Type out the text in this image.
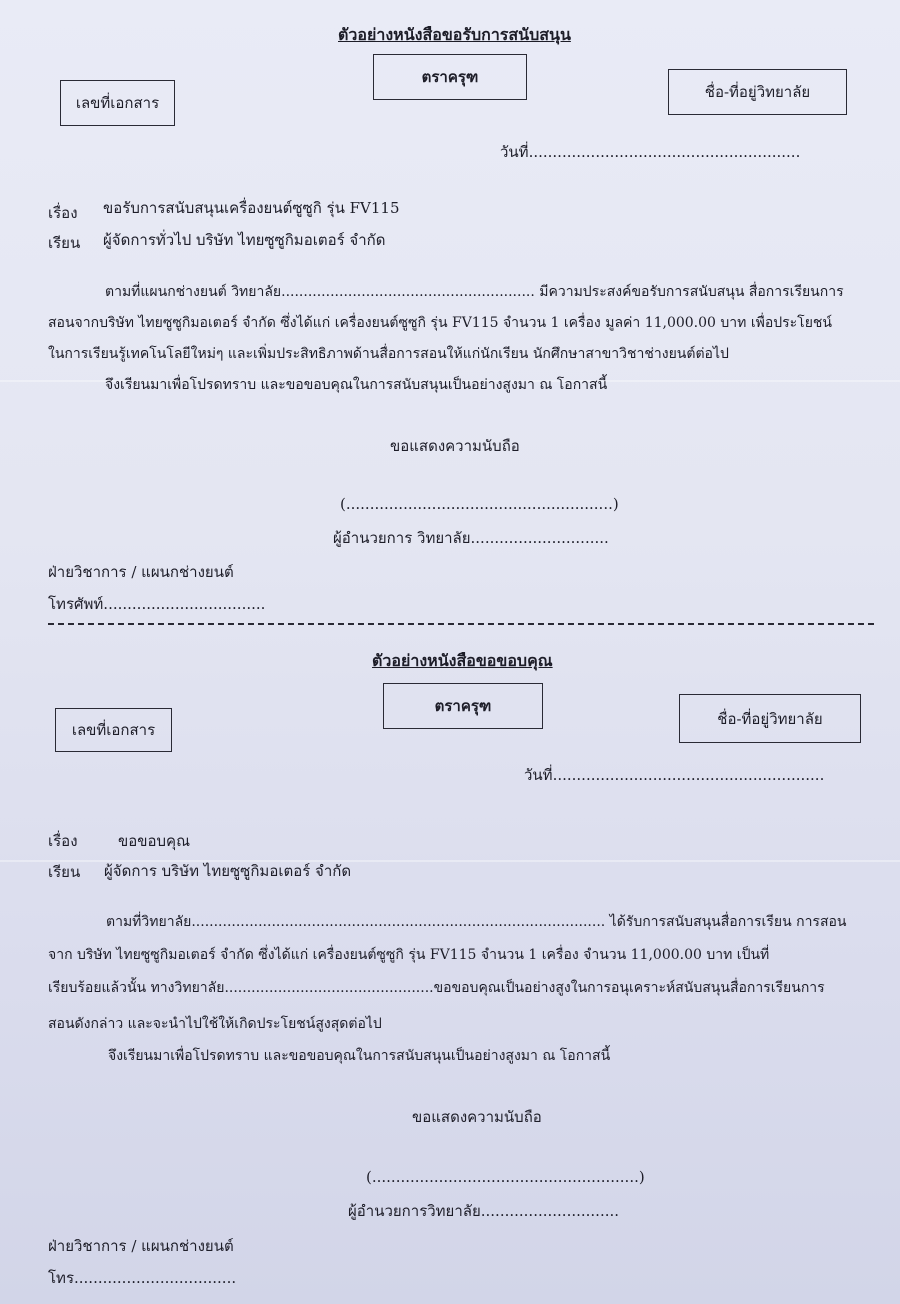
ตัวอย่างหนังสือขอรับการสนับสนุน
ตราครุฑ
เลขที่เอกสาร
ชื่อ-ที่อยู่วิทยาลัย
วันที่.........................................................
เรื่อง ขอรับการสนับสนุนเครื่องยนต์ซูซูกิ รุ่น FV115
เรียน ผู้จัดการทั่วไป บริษัท ไทยซูซูกิมอเตอร์ จำกัด
ตามที่แผนกช่างยนต์ วิทยาลัย......................................................... มีความประสงค์ขอรับการสนับสนุน สื่อการเรียนการ
สอนจากบริษัท ไทยซูซูกิมอเตอร์ จำกัด ซึ่งได้แก่ เครื่องยนต์ซูซูกิ รุ่น FV115 จำนวน 1 เครื่อง มูลค่า 11,000.00 บาท เพื่อประโยชน์
ในการเรียนรู้เทคโนโลยีใหม่ๆ และเพิ่มประสิทธิภาพด้านสื่อการสอนให้แก่นักเรียน นักศึกษาสาขาวิชาช่างยนต์ต่อไป
จึงเรียนมาเพื่อโปรดทราบ และขอขอบคุณในการสนับสนุนเป็นอย่างสูงมา ณ โอกาสนี้
ขอแสดงความนับถือ
(........................................................)
ผู้อำนวยการ วิทยาลัย.............................
ฝ่ายวิชาการ / แผนกช่างยนต์
โทรศัพท์..................................
ตัวอย่างหนังสือขอขอบคุณ
ตราครุฑ
เลขที่เอกสาร
ชื่อ-ที่อยู่วิทยาลัย
วันที่.........................................................
เรื่อง	ขอขอบคุณ
เรียน ผู้จัดการ บริษัท ไทยซูซูกิมอเตอร์ จำกัด
ตามที่วิทยาลัย............................................................................................. ได้รับการสนับสนุนสื่อการเรียน การสอน
จาก บริษัท ไทยซูซูกิมอเตอร์ จำกัด ซึ่งได้แก่ เครื่องยนต์ซูซูกิ รุ่น FV115 จำนวน 1 เครื่อง จำนวน 11,000.00 บาท เป็นที่
เรียบร้อยแล้วนั้น ทางวิทยาลัย...............................................ขอขอบคุณเป็นอย่างสูงในการอนุเคราะห์สนับสนุนสื่อการเรียนการ
สอนดังกล่าว และจะนำไปใช้ให้เกิดประโยชน์สูงสุดต่อไป
จึงเรียนมาเพื่อโปรดทราบ และขอขอบคุณในการสนับสนุนเป็นอย่างสูงมา ณ โอกาสนี้
ขอแสดงความนับถือ
(........................................................)
ผู้อำนวยการวิทยาลัย.............................
ฝ่ายวิชาการ / แผนกช่างยนต์
โทร..................................
